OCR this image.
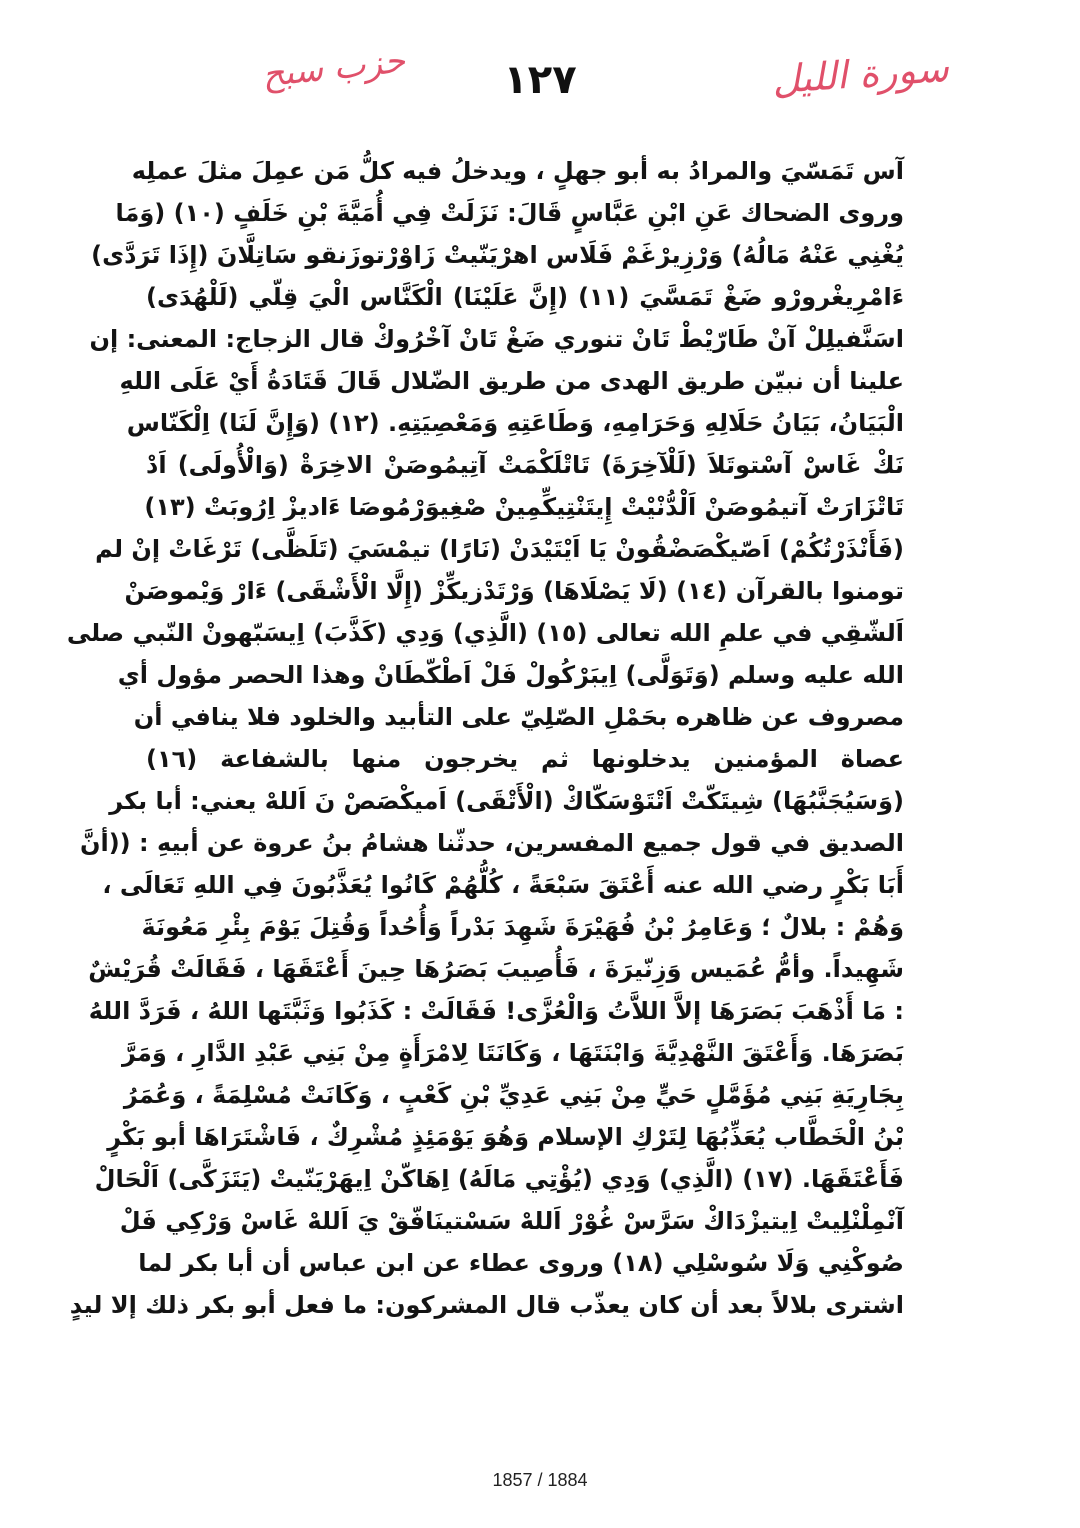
حزب سبح	١٢٧	سورة الليل
آس تَمَسّيَ والمرادُ به أبو جهلٍ ، ويدخلُ فيه كلُّ مَن عمِلَ مثلَ عملِه
وروى الضحاك عَنِ ابْنِ عَبَّاسٍ قَالَ: نَزَلَتْ فِي أُمَيَّةَ بْنِ خَلَفٍ (١٠) (وَمَا
يُغْنِي عَنْهُ مَالُهُ) وَرْزِيرْغَمْ فَلَاس اهرْيَنّيتْ زَاوْرْتوزَنقو سَاتِلَّانَ (إِذَا تَرَدَّى)
ءَامْرِيغْرورْو ضَغْ تَمَسَّيَ (١١) (إِنَّ عَلَيْنَا) الْكَنَّاس الْيَ قِلّي (لَلْهُدَى)
اسَنَّفيلِلْ آنْ طَارّيْطْ تَانْ تنوري ضَغْ تَانْ آخْرُوكْ قال الزجاج: المعنى: إن
علينا أن نبيّن طريق الهدى من طريق الضّلال قَالَ قَتَادَةُ أَيْ عَلَى اللهِ
الْبَيَانُ، بَيَانُ حَلَالِهِ وَحَرَامِهِ، وَطَاعَتِهِ وَمَعْصِيَتِهِ. (١٢) (وَإِنَّ لَنَا) اِلْكَنّاس
نَكْ غَاسْ آسْتوتَلاَ (لَلْآخِرَةَ) تَاتْلَكْمَتْ آتِيمُوصَنْ الاخِرَةْ (وَالْأُولَى) اَدْ
تَاتْزَارَتْ آتيمُوصَنْ اَلْدُّنْيْتْ إِيتَنْتِيكِّمِينْ صْغِيوَرْمُوصَا ءَاديزْ اِرُوبَتْ (١٣)
(فَأَنْذَرْتُكُمْ) اَصّيكْصَضْقُونْ يَا اَيْتَيْدَنْ (نَارًا) تيمْسَيَ (تَلَظَّى) تَرْغَاتْ إنْ لم
تومنوا بالقرآن (١٤) (لَا يَصْلَاهَا) وَرْتَدْزيكِّزْ (إِلَّا الْأَشْقَى) ءَارْ وَيْموصَنْ
اَلشّقِي في علمِ الله تعالى (١٥) (الَّذِي) وَدِي (كَذَّبَ) اِيسَبّهونْ النّبي صلى
الله عليه وسلم (وَتَوَلَّى) اِيبَرْكُولْ فَلْ اَطْكّطَانْ وهذا الحصر مؤول أي
مصروف عن ظاهره بحَمْلِ الصّلِيّ على التأبيد والخلود فلا ينافي أن
عصاة المؤمنين يدخلونها ثم يخرجون منها بالشفاعة (١٦)
(وَسَيُجَنَّبُهَا) شِيتَكّتْ اَتْتَوْسَكّاكْ (الْأَتْقَى) اَميكْصَصْ نَ اَللهْ يعني: أبا بكر
الصديق في قول جميع المفسرين، حدثّنا هشامُ بنُ عروة عن أبيهِ : ((أنَّ
أَبَا بَكْرٍ رضي الله عنه أَعْتَقَ سَبْعَةً ، كُلُّهُمْ كَانُوا يُعَذَّبُونَ فِي اللهِ تَعَالَى ،
وَهُمْ : بلالٌ ؛ وَعَامِرُ بْنُ فُهَيْرَةَ شَهِدَ بَدْراً وَأُحُداً وَقُتِلَ يَوْمَ بِئْرِ مَعُونَةَ
شَهِيداً. وأمُّ عُمَيس وَزِنّيرَةَ ، فَأُصِيبَ بَصَرُهَا حِينَ أَعْتَقَهَا ، فَقَالَتْ قُرَيْشٌ
: مَا أَذْهَبَ بَصَرَهَا إلاَّ اللاَّتُ وَالْعُزَّى! فَقَالَتْ : كَذَبُوا وَثَبَّتَها اللهُ ، فَرَدَّ اللهُ
بَصَرَهَا. وَأَعْتَقَ النَّهْدِيَّةَ وَابْنَتَهَا ، وَكَانَتَا لِامْرَأَةٍ مِنْ بَنِي عَبْدِ الدَّارِ ، وَمَرَّ
بِجَارِيَةِ بَنِي مُؤَمَّلٍ حَيٍّ مِنْ بَنِي عَدِيِّ بْنِ كَعْبٍ ، وَكَانَتْ مُسْلِمَةً ، وَعُمَرُ
بْنُ الْخَطَّاب يُعَذِّبُهَا لِتَرْكِ الإسلام وَهُوَ يَوْمَئِذٍ مُشْرِكٌ ، فَاشْتَرَاهَا أبو بَكْرٍ
فَأَعْتَقَهَا. (١٧) (الَّذِي) وَدِي (يُؤْتِي مَالَهُ) اِهَاكّنْ اِيهَرْيَنّيتْ (يَتَزَكَّى) اَلْحَالْ
آنْمِلْنْلِيتْ اِيتيزْدَاكْ سَرَّسْ غُوْرْ اَللهْ سَسْتينَافّقْ يَ اَللهْ غَاسْ وَرْكِي فَلْ
صُوكْنِي وَلَا سُوسْلِي (١٨) وروى عطاء عن ابن عباس أن أبا بكر لما
اشترى بلالاً بعد أن كان يعذّب قال المشركون: ما فعل أبو بكر ذلك إلا ليدٍ
1857 / 1884
